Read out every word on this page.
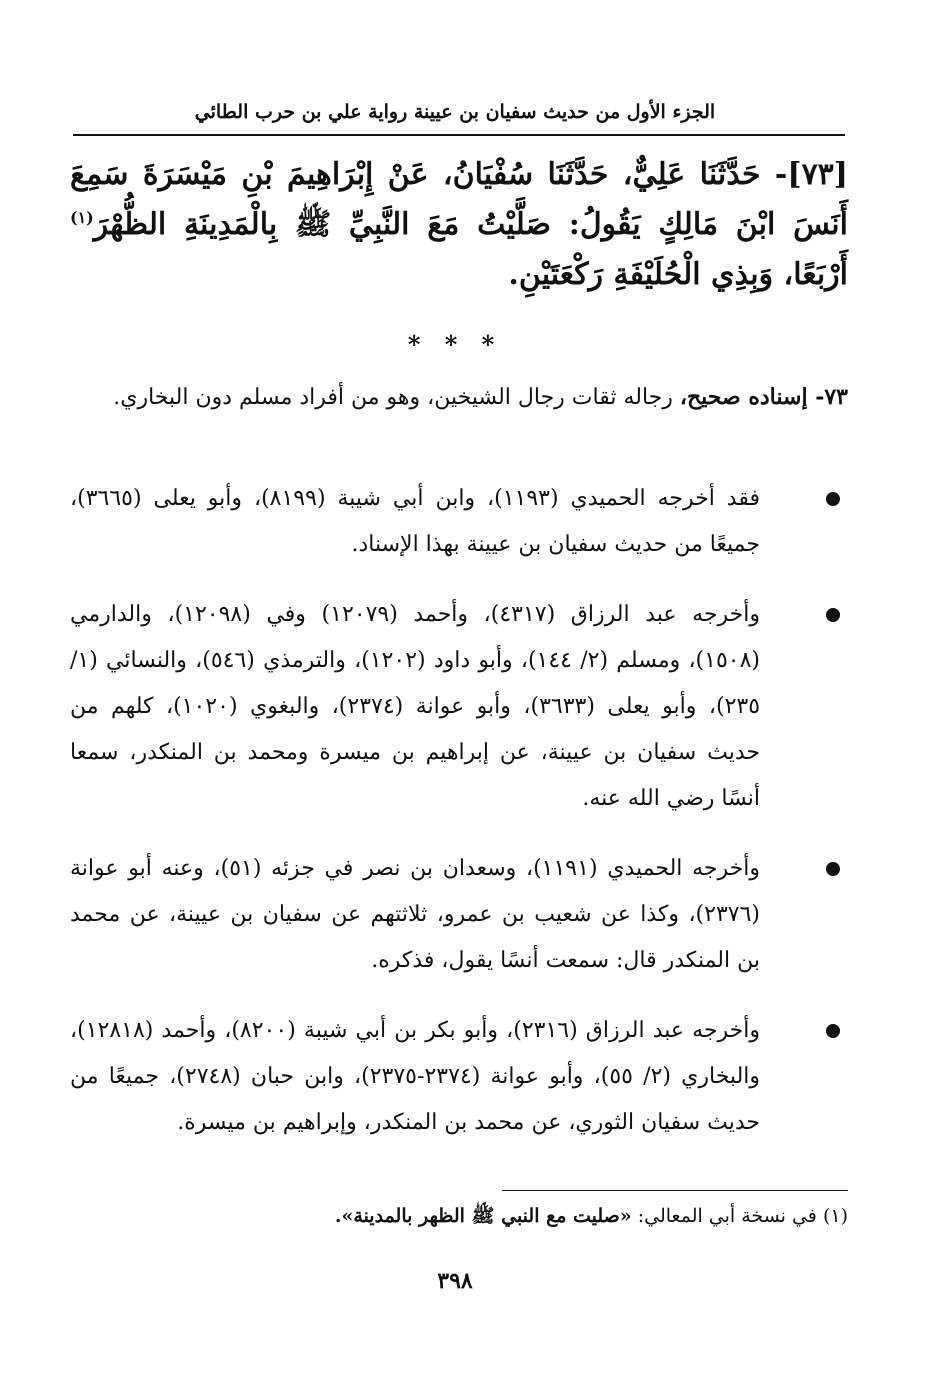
الجزء الأول من حديث سفيان بن عيينة رواية علي بن حرب الطائي
[٧٣]- حَدَّثَنَا عَلِيٌّ، حَدَّثَنَا سُفْيَانُ، عَنْ إِبْرَاهِيمَ بْنِ مَيْسَرَةَ سَمِعَ أَنَسَ ابْنَ مَالِكٍ يَقُولُ: صَلَّيْتُ مَعَ النَّبِيِّ ﷺ بِالْمَدِينَةِ الظُّهْرَ$^{(١)}$ أَرْبَعًا، وَبِذِي الْحُلَيْفَةِ رَكْعَتَيْنِ.
* * *
٧٣- إسناده صحيح، رجاله ثقات رجال الشيخين، وهو من أفراد مسلم دون البخاري.
فقد أخرجه الحميدي (١١٩٣)، وابن أبي شيبة (٨١٩٩)، وأبو يعلى (٣٦٦٥)، جميعًا من حديث سفيان بن عيينة بهذا الإسناد.
وأخرجه عبد الرزاق (٤٣١٧)، وأحمد (١٢٠٧٩) وفي (١٢٠٩٨)، والدارمي (١٥٠٨)، ومسلم (٢/ ١٤٤)، وأبو داود (١٢٠٢)، والترمذي (٥٤٦)، والنسائي (١/ ٢٣٥)، وأبو يعلى (٣٦٣٣)، وأبو عوانة (٢٣٧٤)، والبغوي (١٠٢٠)، كلهم من حديث سفيان بن عيينة، عن إبراهيم بن ميسرة ومحمد بن المنكدر، سمعا أنسًا رضي الله عنه.
وأخرجه الحميدي (١١٩١)، وسعدان بن نصر في جزئه (٥١)، وعنه أبو عوانة (٢٣٧٦)، وكذا عن شعيب بن عمرو، ثلاثتهم عن سفيان بن عيينة، عن محمد بن المنكدر قال: سمعت أنسًا يقول، فذكره.
وأخرجه عبد الرزاق (٢٣١٦)، وأبو بكر بن أبي شيبة (٨٢٠٠)، وأحمد (١٢٨١٨)، والبخاري (٢/ ٥٥)، وأبو عوانة (٢٣٧٤-٢٣٧٥)، وابن حبان (٢٧٤٨)، جميعًا من حديث سفيان الثوري، عن محمد بن المنكدر، وإبراهيم بن ميسرة.
(١) في نسخة أبي المعالي: «صليت مع النبي ﷺ الظهر بالمدينة».
٣٩٨
